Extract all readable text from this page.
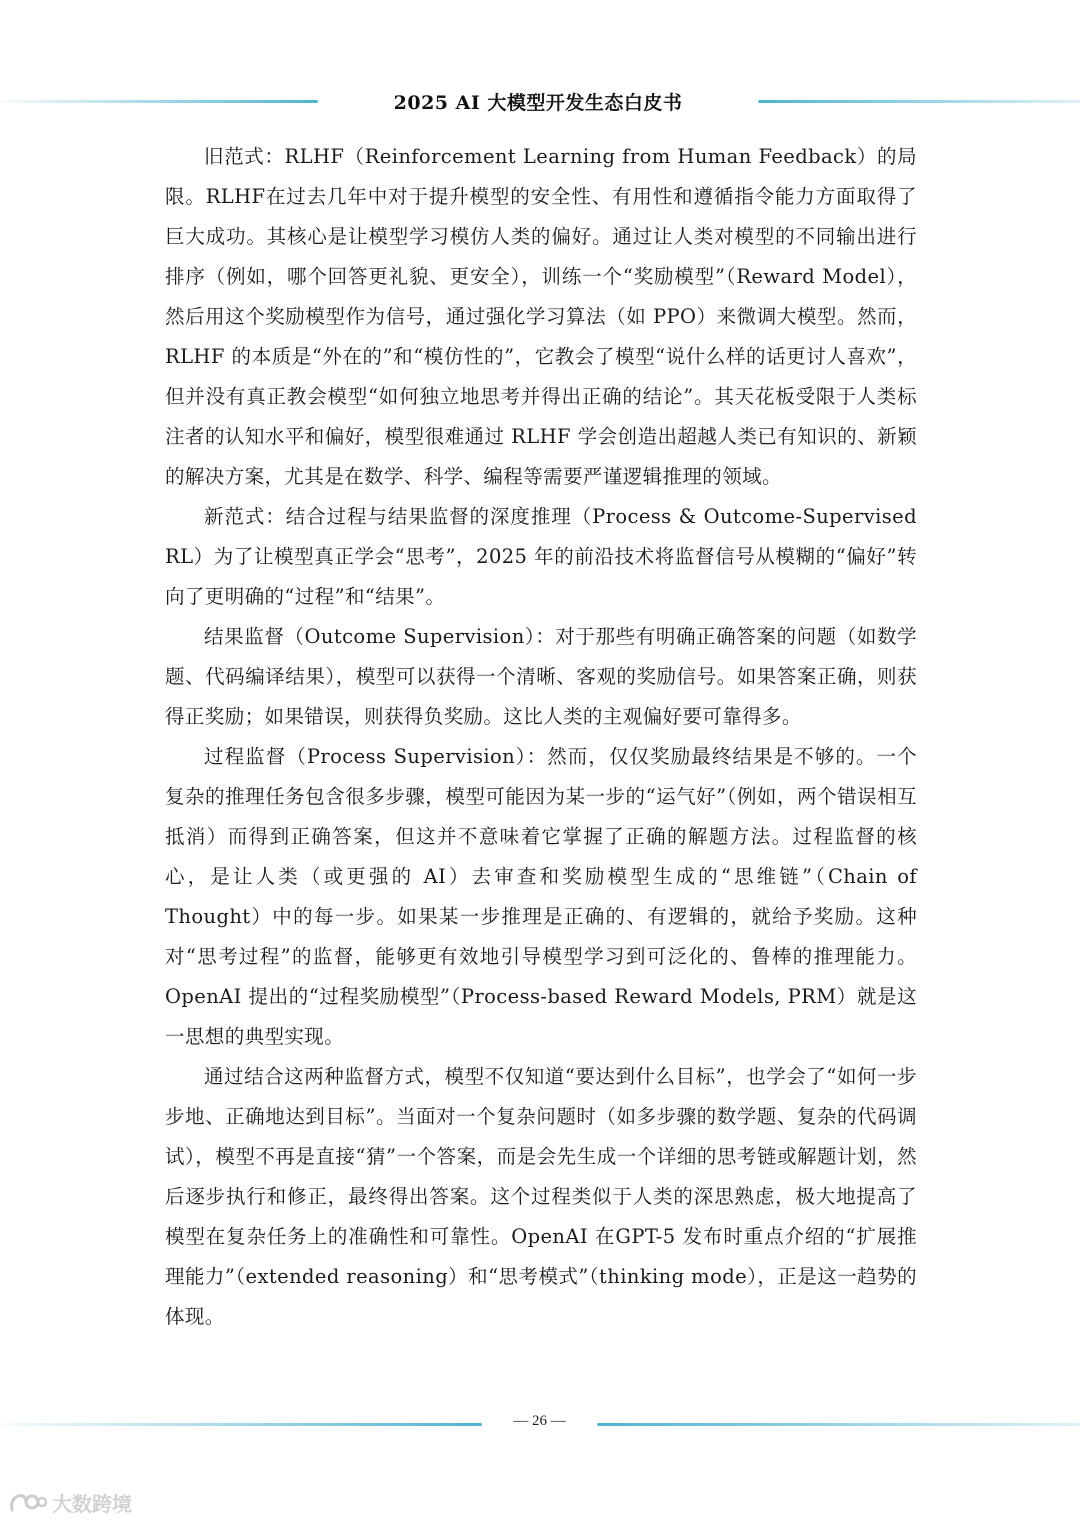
2025 AI 大模型开发生态白皮书

旧范式：RLHF（Reinforcement Learning from Human Feedback）的局限。RLHF在过去几年中对于提升模型的安全性、有用性和遵循指令能力方面取得了巨大成功。其核心是让模型学习模仿人类的偏好。通过让人类对模型的不同输出进行排序（例如，哪个回答更礼貌、更安全），训练一个“奖励模型”（Reward Model），然后用这个奖励模型作为信号，通过强化学习算法（如 PPO）来微调大模型。然而，RLHF 的本质是“外在的”和“模仿性的”，它教会了模型“说什么样的话更讨人喜欢”，但并没有真正教会模型“如何独立地思考并得出正确的结论”。其天花板受限于人类标注者的认知水平和偏好，模型很难通过 RLHF 学会创造出超越人类已有知识的、新颖的解决方案，尤其是在数学、科学、编程等需要严谨逻辑推理的领域。

新范式：结合过程与结果监督的深度推理（Process & Outcome-Supervised RL）为了让模型真正学会“思考”，2025 年的前沿技术将监督信号从模糊的“偏好”转向了更明确的“过程”和“结果”。

结果监督（Outcome Supervision）：对于那些有明确正确答案的问题（如数学题、代码编译结果），模型可以获得一个清晰、客观的奖励信号。如果答案正确，则获得正奖励；如果错误，则获得负奖励。这比人类的主观偏好要可靠得多。

过程监督（Process Supervision）：然而，仅仅奖励最终结果是不够的。一个复杂的推理任务包含很多步骤，模型可能因为某一步的“运气好”（例如，两个错误相互抵消）而得到正确答案，但这并不意味着它掌握了正确的解题方法。过程监督的核心，是让人类（或更强的 AI）去审查和奖励模型生成的“思维链”（Chain of Thought）中的每一步。如果某一步推理是正确的、有逻辑的，就给予奖励。这种对“思考过程”的监督，能够更有效地引导模型学习到可泛化的、鲁棒的推理能力。OpenAI 提出的“过程奖励模型”（Process-based Reward Models, PRM）就是这一思想的典型实现。

通过结合这两种监督方式，模型不仅知道“要达到什么目标”，也学会了“如何一步步地、正确地达到目标”。当面对一个复杂问题时（如多步骤的数学题、复杂的代码调试），模型不再是直接“猜”一个答案，而是会先生成一个详细的思考链或解题计划，然后逐步执行和修正，最终得出答案。这个过程类似于人类的深思熟虑，极大地提高了模型在复杂任务上的准确性和可靠性。OpenAI 在GPT-5 发布时重点介绍的“扩展推理能力”（extended reasoning）和“思考模式”（thinking mode），正是这一趋势的体现。

— 26 —
大数跨境
